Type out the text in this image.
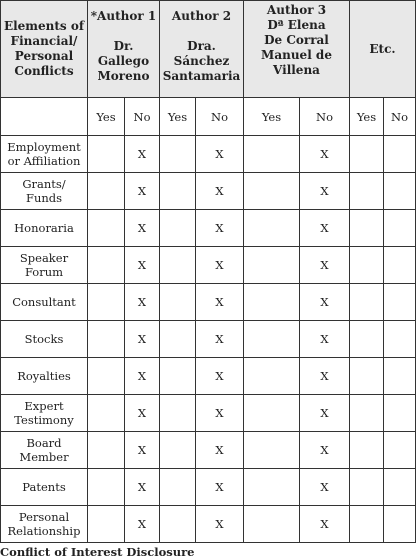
Elements of
Financial/
Personal
Conflicts	*Author 1

Dr.
Gallego
Moreno		Author 2

Dra.
Sánchez
Santamaria		Author 3
Dª Elena
De Corral
Manuel de
Villena		Etc.	
	Yes	No	Yes	No	Yes	No	Yes	No
Employment
or Affiliation		X		X		X		
Grants/
Funds		X		X		X		
Honoraria		X		X		X		
Speaker
Forum		X		X		X		
Consultant		X		X		X		
Stocks		X		X		X		
Royalties		X		X		X		
Expert
Testimony		X		X		X		
Board
Member		X		X		X		
Patents		X		X		X		
Personal
Relationship		X		X		X		
Conflict of Interest Disclosure
